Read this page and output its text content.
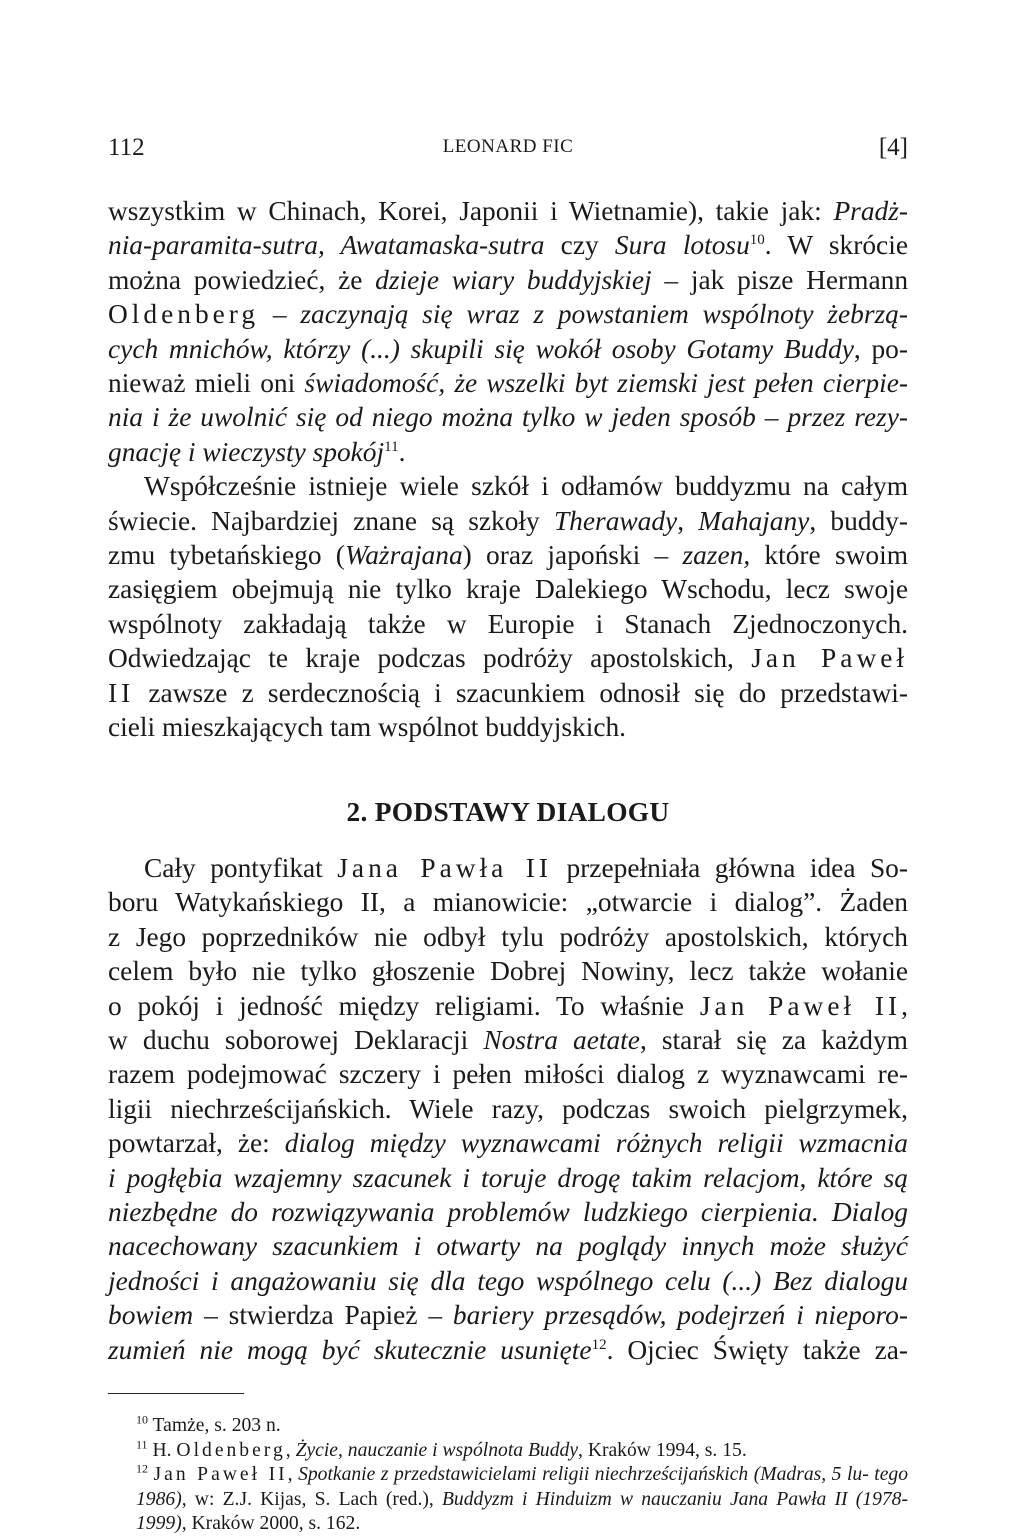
112	LEONARD FIC	[4]

wszystkim w Chinach, Korei, Japonii i Wietnamie), takie jak: Pradż-

nia-paramita-sutra, Awatamaska-sutra czy Sura lotosu$^{10}$. W skrócie

można powiedzieć, że dzieje wiary buddyjskiej – jak pisze Hermann

Oldenberg – zaczynają się wraz z powstaniem wspólnoty żebrzą-

cych mnichów, którzy (...) skupili się wokół osoby Gotamy Buddy, po-

nieważ mieli oni świadomość, że wszelki byt ziemski jest pełen cierpie-

nia i że uwolnić się od niego można tylko w jeden sposób – przez rezy-

gnację i wieczysty spokój$^{11}$.

Współcześnie istnieje wiele szkół i odłamów buddyzmu na całym

świecie. Najbardziej znane są szkoły Therawady, Mahajany, buddy-

zmu tybetańskiego (Ważrajana) oraz japoński – zazen, które swoim

zasięgiem obejmują nie tylko kraje Dalekiego Wschodu, lecz swoje

wspólnoty zakładają także w Europie i Stanach Zjednoczonych.

Odwiedzając te kraje podczas podróży apostolskich, Jan Paweł

II zawsze z serdecznością i szacunkiem odnosił się do przedstawi-

cieli mieszkających tam wspólnot buddyjskich.

2. PODSTAWY DIALOGU

Cały pontyfikat Jana Pawła II przepełniała główna idea So-

boru Watykańskiego II, a mianowicie: „otwarcie i dialog”. Żaden

z Jego poprzedników nie odbył tylu podróży apostolskich, których

celem było nie tylko głoszenie Dobrej Nowiny, lecz także wołanie

o pokój i jedność między religiami. To właśnie Jan Paweł II,

w duchu soborowej Deklaracji Nostra aetate, starał się za każdym

razem podejmować szczery i pełen miłości dialog z wyznawcami re-

ligii niechrześcijańskich. Wiele razy, podczas swoich pielgrzymek,

powtarzał, że: dialog między wyznawcami różnych religii wzmacnia

i pogłębia wzajemny szacunek i toruje drogę takim relacjom, które są

niezbędne do rozwiązywania problemów ludzkiego cierpienia. Dialog

nacechowany szacunkiem i otwarty na poglądy innych może służyć

jedności i angażowaniu się dla tego wspólnego celu (...) Bez dialogu

bowiem – stwierdza Papież – bariery przesądów, podejrzeń i nieporo-

zumień nie mogą być skutecznie usunięte$^{12}$. Ojciec Święty także za-

$^{10}$ Tamże, s. 203 n.

$^{11}$ H. Oldenberg, Życie, nauczanie i wspólnota Buddy, Kraków 1994, s. 15.

$^{12}$ Jan Paweł II, Spotkanie z przedstawicielami religii niechrześcijańskich (Madras, 5 lu- tego 1986), w: Z.J. Kijas, S. Lach (red.), Buddyzm i Hinduizm w nauczaniu Jana Pawła II (1978-1999), Kraków 2000, s. 162.
